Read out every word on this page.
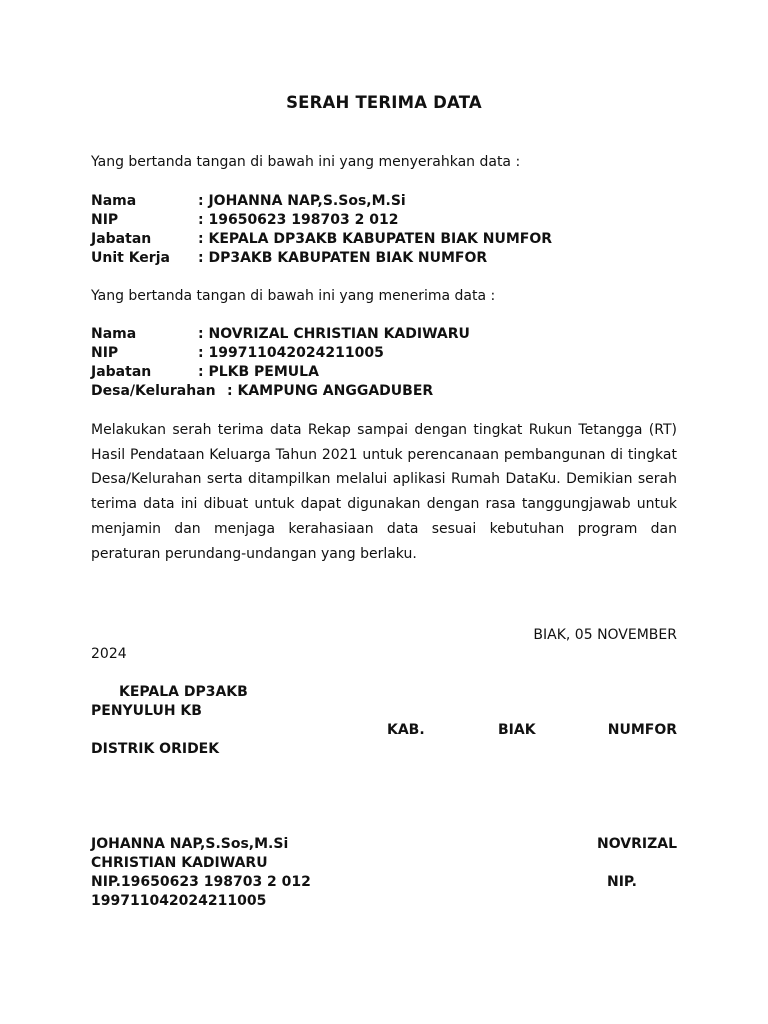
SERAH TERIMA DATA
Yang bertanda tangan di bawah ini yang menyerahkan data :
Nama	: JOHANNA NAP,S.Sos,M.Si
NIP	: 19650623 198703 2 012
Jabatan	: KEPALA DP3AKB KABUPATEN BIAK NUMFOR
Unit Kerja : DP3AKB KABUPATEN BIAK NUMFOR
Yang bertanda tangan di bawah ini yang menerima data :
Nama	: NOVRIZAL CHRISTIAN KADIWARU
NIP	: 199711042024211005
Jabatan	: PLKB PEMULA
Desa/Kelurahan : KAMPUNG ANGGADUBER
Melakukan serah terima data Rekap sampai dengan tingkat Rukun Tetangga (RT) Hasil Pendataan Keluarga Tahun 2021 untuk perencanaan pembangunan di tingkat Desa/Kelurahan serta ditampilkan melalui aplikasi Rumah DataKu. Demikian serah terima data ini dibuat untuk dapat digunakan dengan rasa tanggungjawab untuk menjamin dan menjaga kerahasiaan data sesuai kebutuhan program dan peraturan perundang-undangan yang berlaku.
BIAK, 05 NOVEMBER
2024
KEPALA DP3AKB
PENYULUH KB
KAB.	BIAK	NUMFOR
DISTRIK ORIDEK
JOHANNA NAP,S.Sos,M.Si	NOVRIZAL
CHRISTIAN KADIWARU
NIP.19650623 198703 2 012	NIP.
199711042024211005
